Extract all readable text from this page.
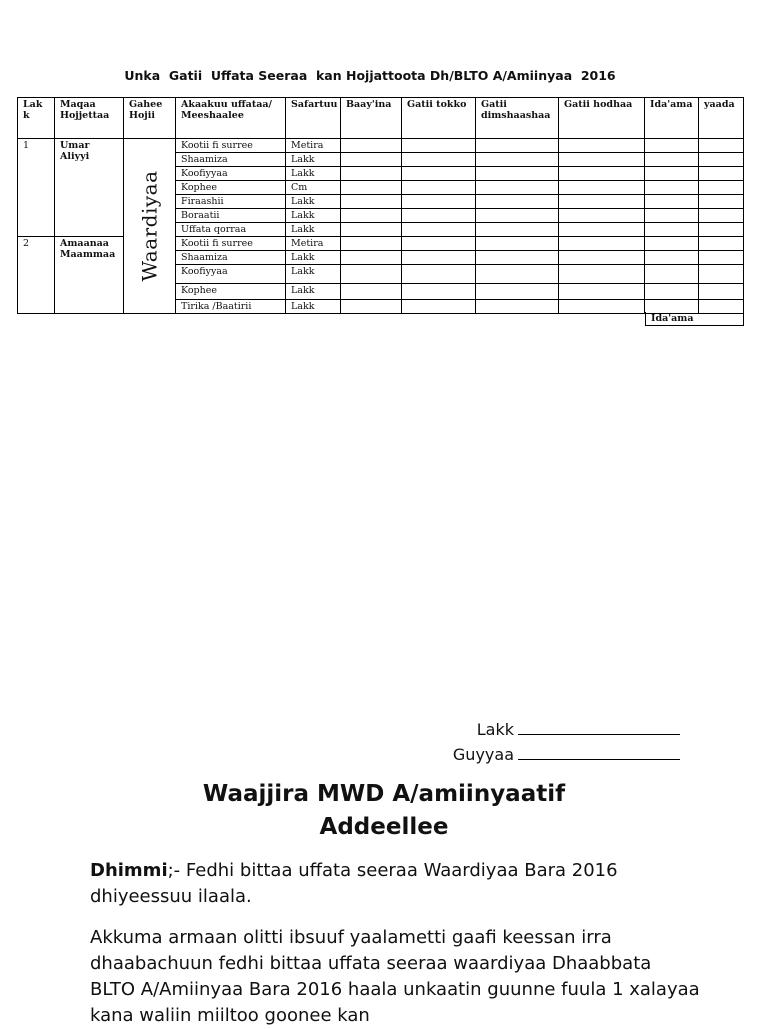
Unka  Gatii  Uffata Seeraa  kan Hojjattoota Dh/BLTO A/Amiinyaa  2016
Lak k	Maqaa Hojjettaa	Gahee Hojii	Akaakuu uffataa/ Meeshaalee	Safartuu	Baay'ina	Gatii tokko	Gatii dimshaashaa	Gatii hodhaa	Ida'ama	yaada
1	Umar Aliyyi	Waardiyaa	Kootii fi surree	Metira						
			Shaamiza	Lakk						
			Koofiyyaa	Lakk						
			Kophee	Cm						
			Firaashii	Lakk						
			Boraatii	Lakk						
			Uffata qorraa	Lakk						
2	Amaanaa Maammaa		Kootii fi surree	Metira						
			Shaamiza	Lakk						
			Koofiyyaa	Lakk						
			Kophee	Lakk						
			Tirika /Baatirii	Lakk						
Ida'ama
Lakk
Guyyaa
Waajjira MWD A/amiinyaatif
Addeellee
Dhimmi;- Fedhi bittaa uffata seeraa Waardiyaa Bara 2016 dhiyeessuu ilaala.
Akkuma armaan olitti ibsuuf yaalametti gaafi keessan irra dhaabachuun fedhi bittaa uffata seeraa waardiyaa Dhaabbata BLTO A/Amiinyaa Bara 2016 haala unkaatin guunne fuula 1 xalayaa kana waliin miiltoo goonee kan
